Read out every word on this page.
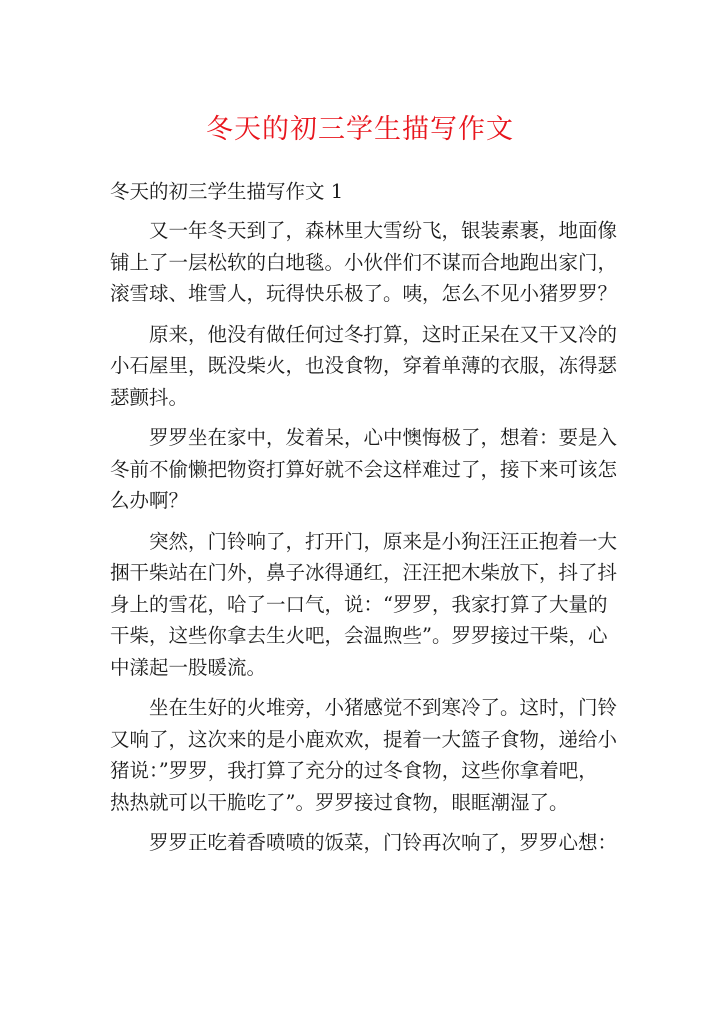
冬天的初三学生描写作文

冬天的初三学生描写作文 1

又一年冬天到了，森林里大雪纷飞，银装素裹，地面像
铺上了一层松软的白地毯。小伙伴们不谋而合地跑出家门，
滚雪球、堆雪人，玩得快乐极了。咦，怎么不见小猪罗罗？

原来，他没有做任何过冬打算，这时正呆在又干又冷的
小石屋里，既没柴火，也没食物，穿着单薄的衣服，冻得瑟
瑟颤抖。

罗罗坐在家中，发着呆，心中懊悔极了，想着：要是入
冬前不偷懒把物资打算好就不会这样难过了，接下来可该怎
么办啊？

突然，门铃响了，打开门，原来是小狗汪汪正抱着一大
捆干柴站在门外，鼻子冰得通红，汪汪把木柴放下，抖了抖
身上的雪花，哈了一口气，说：“罗罗，我家打算了大量的
干柴，这些你拿去生火吧，会温煦些”。罗罗接过干柴，心
中漾起一股暖流。

坐在生好的火堆旁，小猪感觉不到寒冷了。这时，门铃
又响了，这次来的是小鹿欢欢，提着一大篮子食物，递给小
猪说：”罗罗，我打算了充分的过冬食物，这些你拿着吧，
热热就可以干脆吃了”。罗罗接过食物，眼眶潮湿了。

罗罗正吃着香喷喷的饭菜，门铃再次响了，罗罗心想：
